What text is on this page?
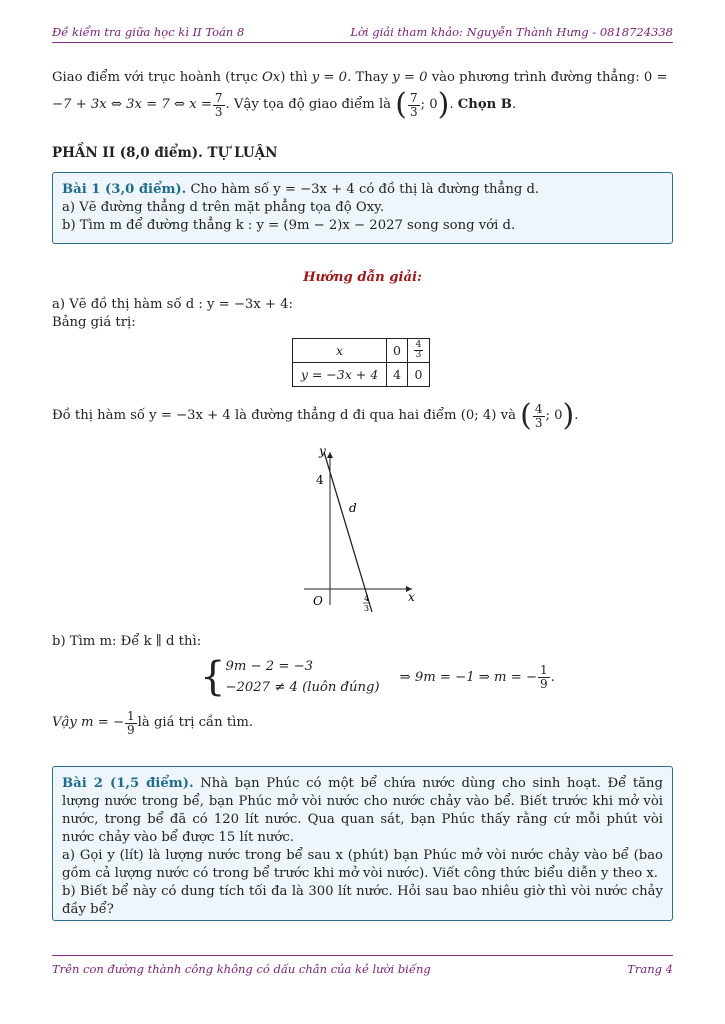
Đề kiểm tra giữa học kì II Toán 8	Lời giải tham khảo: Nguyễn Thành Hưng - 0818724338
Giao điểm với trục hoành (trục Ox) thì y = 0. Thay y = 0 vào phương trình đường thẳng: 0 =
−7 + 3x ⇔ 3x = 7 ⇔ $x = \frac{7}{3}$ . Vậy tọa độ giao điểm là
( $\frac{7}{3}$ ; 0 ) .
Chọn B .
PHẦN II (8,0 điểm). TỰ LUẬN
Bài 1 (3,0 điểm). Cho hàm số y = −3x + 4 có đồ thị là đường thẳng d.
a) Vẽ đường thẳng d trên mặt phẳng tọa độ Oxy.
b) Tìm m để đường thẳng k : y = (9m − 2)x − 2027 song song với d.
Hướng dẫn giải:
a) Vẽ đồ thị hàm số d : y = −3x + 4:
Bảng giá trị:
x	0	$\frac{4}{3}$

y = −3x + 4	4	0
Đồ thị hàm số y = −3x + 4 là đường thẳng d đi qua hai điểm (0; 4) và
( $\frac{4}{3}$ ; 0 ) .
y
x
O
4
4
3
d
b) Tìm m: Để k ∥ d thì:
{ 9m − 2 = −3
−2027 ≠ 4 (luôn đúng)
⇒ 9m = −1 ⇒ m = − $\frac{1}{9}$ .
Vậy m = − $\frac{1}{9}$ là giá trị cần tìm.
Bài 2 (1,5 điểm). Nhà bạn Phúc có một bể chứa nước dùng cho sinh hoạt. Để tăng lượng nước trong bể, bạn Phúc mở vòi nước cho nước chảy vào bể. Biết trước khi mở vòi nước, trong bể đã có 120 lít nước. Qua quan sát, bạn Phúc thấy rằng cứ mỗi phút vòi nước chảy vào bể được 15 lít nước.
a) Gọi y (lít) là lượng nước trong bể sau x (phút) bạn Phúc mở vòi nước chảy vào bể (bao gồm cả lượng nước có trong bể trước khi mở vòi nước). Viết công thức biểu diễn y theo x.
b) Biết bể này có dung tích tối đa là 300 lít nước. Hỏi sau bao nhiêu giờ thì vòi nước chảy đầy bể?
Trên con đường thành công không có dấu chân của kẻ lười biếng	Trang 4
